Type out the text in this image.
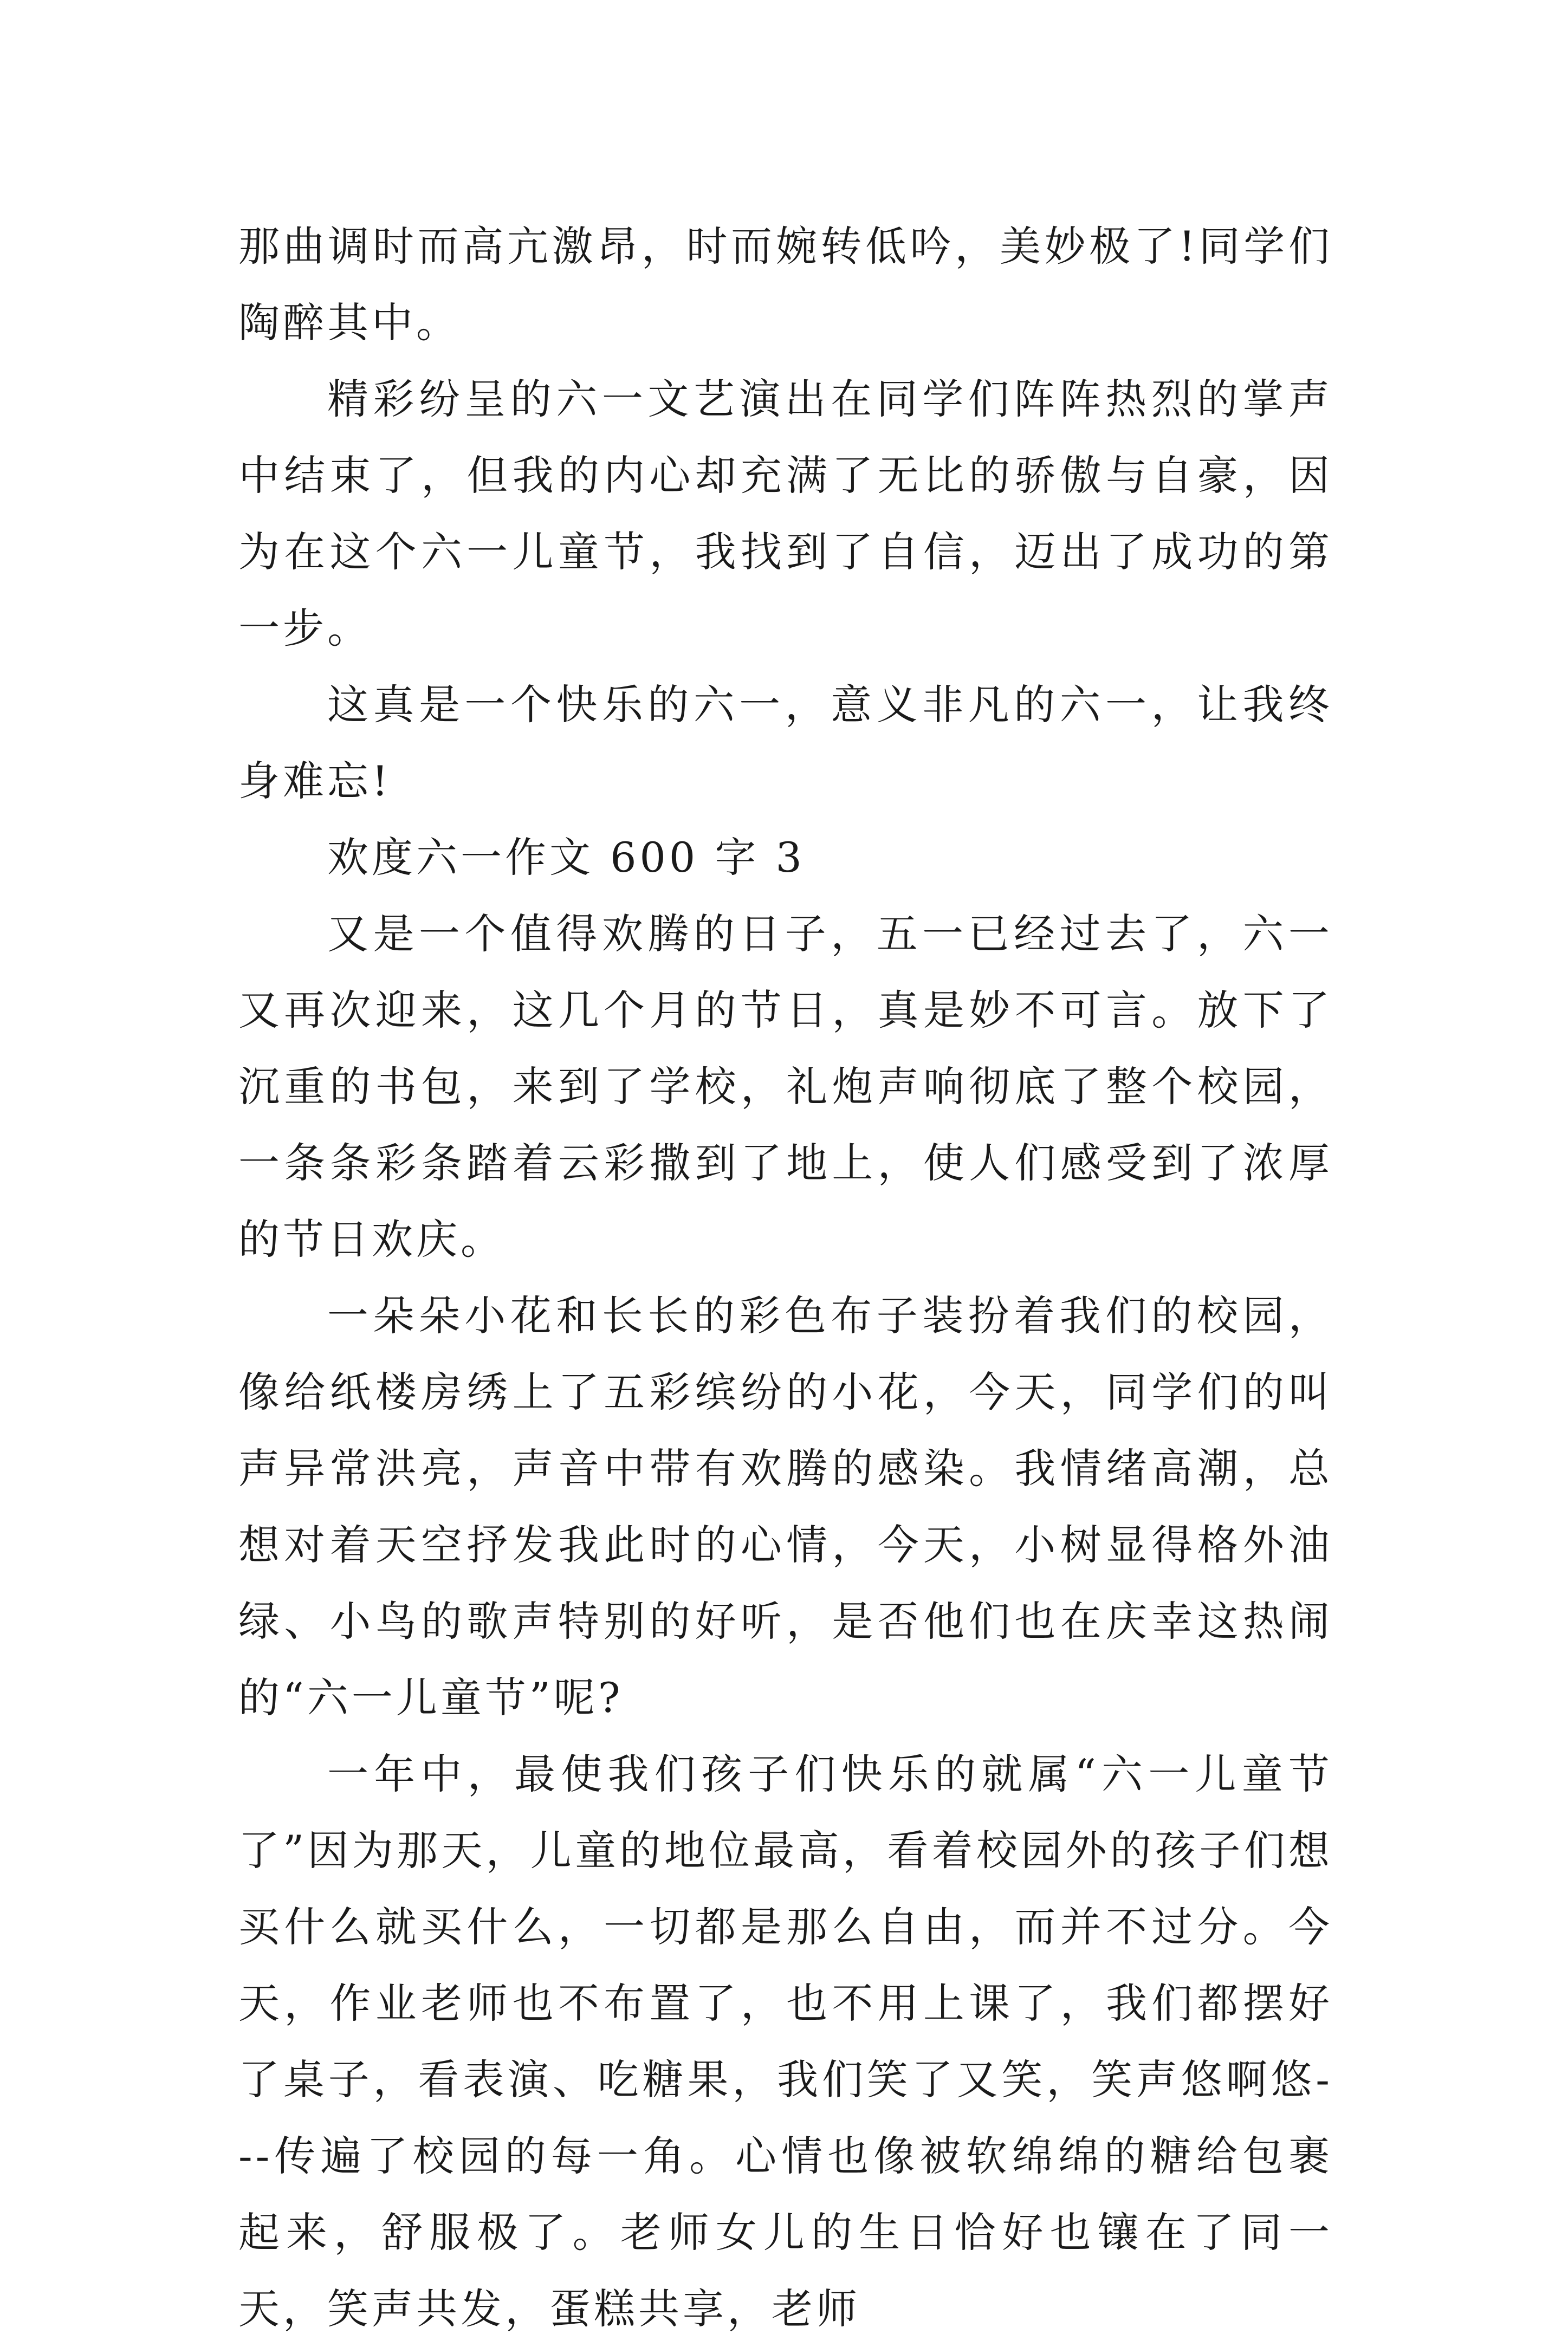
那曲调时而高亢激昂，时而婉转低吟，美妙极了!同学们陶醉其中。

精彩纷呈的六一文艺演出在同学们阵阵热烈的掌声中结束了，但我的内心却充满了无比的骄傲与自豪，因为在这个六一儿童节，我找到了自信，迈出了成功的第一步。

这真是一个快乐的六一，意义非凡的六一，让我终身难忘!

欢度六一作文 600 字 3

又是一个值得欢腾的日子，五一已经过去了，六一又再次迎来，这几个月的节日，真是妙不可言。放下了沉重的书包，来到了学校，礼炮声响彻底了整个校园，一条条彩条踏着云彩撒到了地上，使人们感受到了浓厚的节日欢庆。

一朵朵小花和长长的彩色布子装扮着我们的校园，像给纸楼房绣上了五彩缤纷的小花，今天，同学们的叫声异常洪亮，声音中带有欢腾的感染。我情绪高潮，总想对着天空抒发我此时的心情，今天，小树显得格外油绿、小鸟的歌声特别的好听，是否他们也在庆幸这热闹的“六一儿童节”呢?

一年中，最使我们孩子们快乐的就属“六一儿童节了”因为那天，儿童的地位最高，看着校园外的孩子们想买什么就买什么，一切都是那么自由，而并不过分。今天，作业老师也不布置了，也不用上课了，我们都摆好了桌子，看表演、吃糖果，我们笑了又笑，笑声悠啊悠---传遍了校园的每一角。心情也像被软绵绵的糖给包裹起来，舒服极了。老师女儿的生日恰好也镶在了同一天，笑声共发，蛋糕共享，老师
